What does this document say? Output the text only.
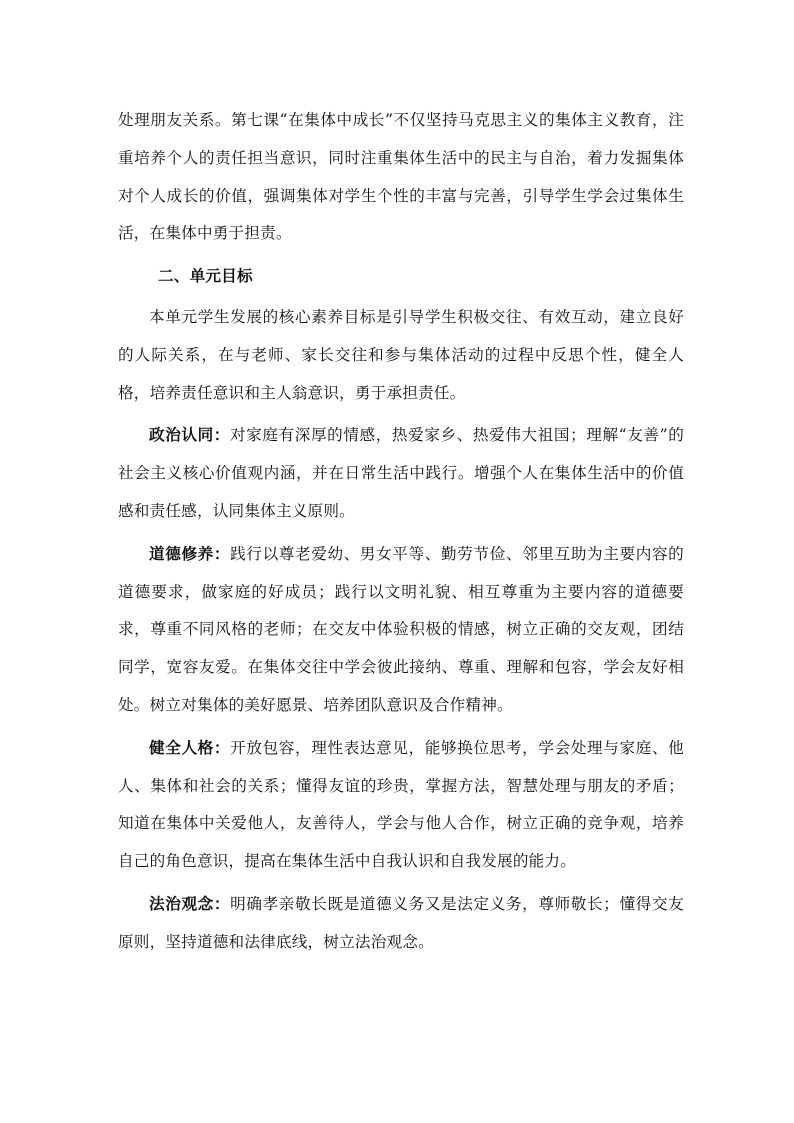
处理朋友关系。第七课“在集体中成长”不仅坚持马克思主义的集体主义教育，注重培养个人的责任担当意识，同时注重集体生活中的民主与自治，着力发掘集体对个人成长的价值，强调集体对学生个性的丰富与完善，引导学生学会过集体生活，在集体中勇于担责。

二、单元目标

本单元学生发展的核心素养目标是引导学生积极交往、有效互动，建立良好的人际关系，在与老师、家长交往和参与集体活动的过程中反思个性，健全人格，培养责任意识和主人翁意识，勇于承担责任。

政治认同：对家庭有深厚的情感，热爱家乡、热爱伟大祖国；理解“友善”的社会主义核心价值观内涵，并在日常生活中践行。增强个人在集体生活中的价值感和责任感，认同集体主义原则。

道德修养：践行以尊老爱幼、男女平等、勤劳节俭、邻里互助为主要内容的道德要求，做家庭的好成员；践行以文明礼貌、相互尊重为主要内容的道德要求，尊重不同风格的老师；在交友中体验积极的情感，树立正确的交友观，团结同学，宽容友爱。在集体交往中学会彼此接纳、尊重、理解和包容，学会友好相处。树立对集体的美好愿景、培养团队意识及合作精神。

健全人格：开放包容，理性表达意见，能够换位思考，学会处理与家庭、他人、集体和社会的关系；懂得友谊的珍贵，掌握方法，智慧处理与朋友的矛盾；知道在集体中关爱他人，友善待人，学会与他人合作，树立正确的竞争观，培养自己的角色意识，提高在集体生活中自我认识和自我发展的能力。

法治观念：明确孝亲敬长既是道德义务又是法定义务，尊师敬长；懂得交友原则，坚持道德和法律底线，树立法治观念。
